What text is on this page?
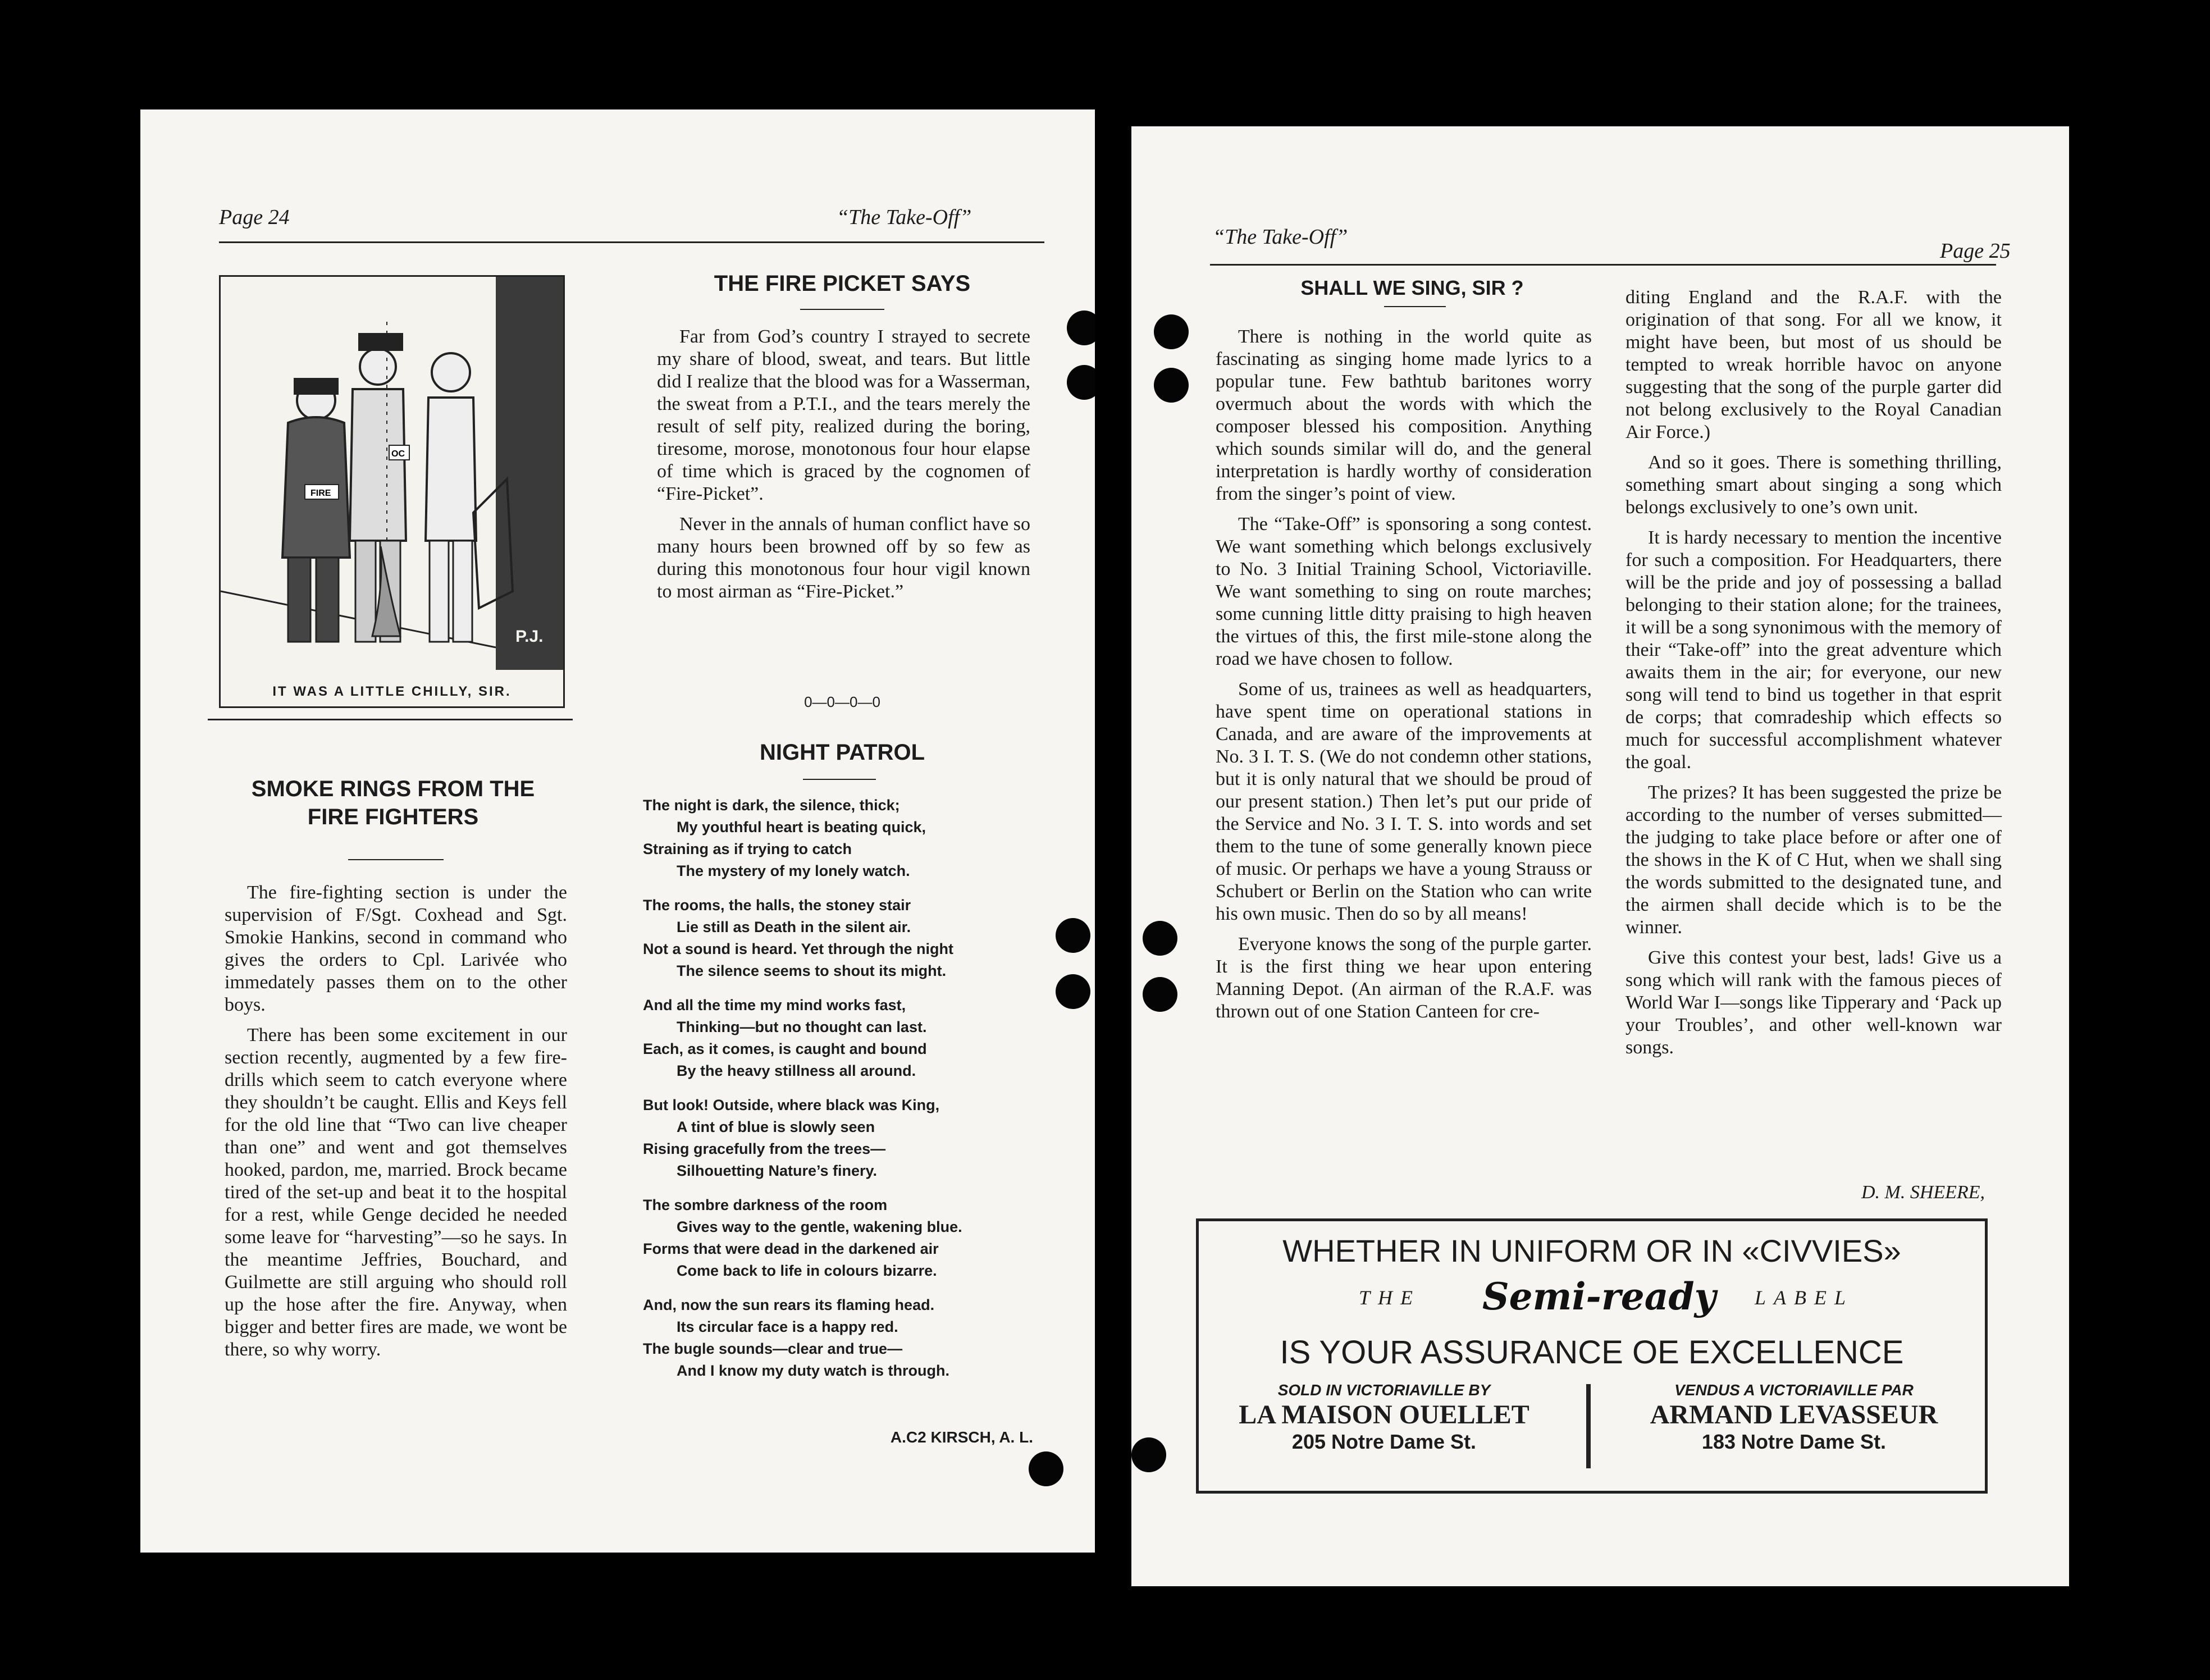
Page 24	“The Take-Off”
FIRE
OC
P.J.
IT WAS A LITTLE CHILLY, SIR.
SMOKE RINGS FROM THE
FIRE FIGHTERS

The fire-fighting section is under the supervision of F/Sgt. Coxhead and Sgt. Smokie Hankins, second in command who gives the orders to Cpl. Larivée who immedately passes them on to the other boys.

There has been some excitement in our section recently, augmented by a few fire-drills which seem to catch everyone where they shouldn’t be caught. Ellis and Keys fell for the old line that “Two can live cheaper than one” and went and got themselves hooked, pardon, me, married. Brock became tired of the set-up and beat it to the hospital for a rest, while Genge decided he needed some leave for “harvesting”—so he says. In the meantime Jeffries, Bouchard, and Guilmette are still arguing who should roll up the hose after the fire. Anyway, when bigger and better fires are made, we wont be there, so why worry.

THE FIRE PICKET SAYS

Far from God’s country I strayed to secrete my share of blood, sweat, and tears. But little did I realize that the blood was for a Wasserman, the sweat from a P.T.I., and the tears merely the result of self pity, realized during the boring, tiresome, morose, monotonous four hour elapse of time which is graced by the cognomen of “Fire-Picket”.

Never in the annals of human conflict have so many hours been browned off by so few as during this monotonous four hour vigil known to most airman as “Fire-Picket.”

0—0—0—0
NIGHT PATROL
The night is dark, the silence, thick;
My youthful heart is beating quick,
Straining as if trying to catch
The mystery of my lonely watch.
The rooms, the halls, the stoney stair
Lie still as Death in the silent air.
Not a sound is heard. Yet through the night
The silence seems to shout its might.
And all the time my mind works fast,
Thinking—but no thought can last.
Each, as it comes, is caught and bound
By the heavy stillness all around.
But look! Outside, where black was King,
A tint of blue is slowly seen
Rising gracefully from the trees—
Silhouetting Nature’s finery.
The sombre darkness of the room
Gives way to the gentle, wakening blue.
Forms that were dead in the darkened air
Come back to life in colours bizarre.
And, now the sun rears its flaming head.
Its circular face is a happy red.
The bugle sounds—clear and true—
And I know my duty watch is through.
A.C2 KIRSCH, A. L.
“The Take-Off”
Page 25
SHALL WE SING, SIR ?

There is nothing in the world quite as fascinating as singing home made lyrics to a popular tune. Few bathtub baritones worry overmuch about the words with which the composer blessed his composition. Anything which sounds similar will do, and the general interpretation is hardly worthy of consideration from the singer’s point of view.

The “Take-Off” is sponsoring a song contest. We want something which belongs exclusively to No. 3 Initial Training School, Victoriaville. We want something to sing on route marches; some cunning little ditty praising to high heaven the virtues of this, the first mile-stone along the road we have chosen to follow.

Some of us, trainees as well as headquarters, have spent time on operational stations in Canada, and are aware of the improvements at No. 3 I. T. S. (We do not condemn other stations, but it is only natural that we should be proud of our present station.) Then let’s put our pride of the Service and No. 3 I. T. S. into words and set them to the tune of some generally known piece of music. Or perhaps we have a young Strauss or Schubert or Berlin on the Station who can write his own music. Then do so by all means!

Everyone knows the song of the purple garter. It is the first thing we hear upon entering Manning Depot. (An airman of the R.A.F. was thrown out of one Station Canteen for cre-

diting England and the R.A.F. with the origination of that song. For all we know, it might have been, but most of us should be tempted to wreak horrible havoc on anyone suggesting that the song of the purple garter did not belong exclusively to the Royal Canadian Air Force.)

And so it goes. There is something thrilling, something smart about singing a song which belongs exclusively to one’s own unit.

It is hardy necessary to mention the incentive for such a composition. For Headquarters, there will be the pride and joy of possessing a ballad belonging to their station alone; for the trainees, it will be a song synonimous with the memory of their “Take-off” into the great adventure which awaits them in the air; for everyone, our new song will tend to bind us together in that esprit de corps; that comradeship which effects so much for successful accomplishment whatever the goal.

The prizes? It has been suggested the prize be according to the number of verses submitted—the judging to take place before or after one of the shows in the K of C Hut, when we shall sing the words submitted to the designated tune, and the airmen shall decide which is to be the winner.

Give this contest your best, lads! Give us a song which will rank with the famous pieces of World War I—songs like Tipperary and ‘Pack up your Troubles’, and other well-known war songs.

D. M. SHEERE,
WHETHER IN UNIFORM OR IN «CIVVIES»
THE Semi-ready LABEL
IS YOUR ASSURANCE OE EXCELLENCE
SOLD IN VICTORIAVILLE BY
LA MAISON OUELLET
205 Notre Dame St.
VENDUS A VICTORIAVILLE PAR
ARMAND LEVASSEUR
183 Notre Dame St.
